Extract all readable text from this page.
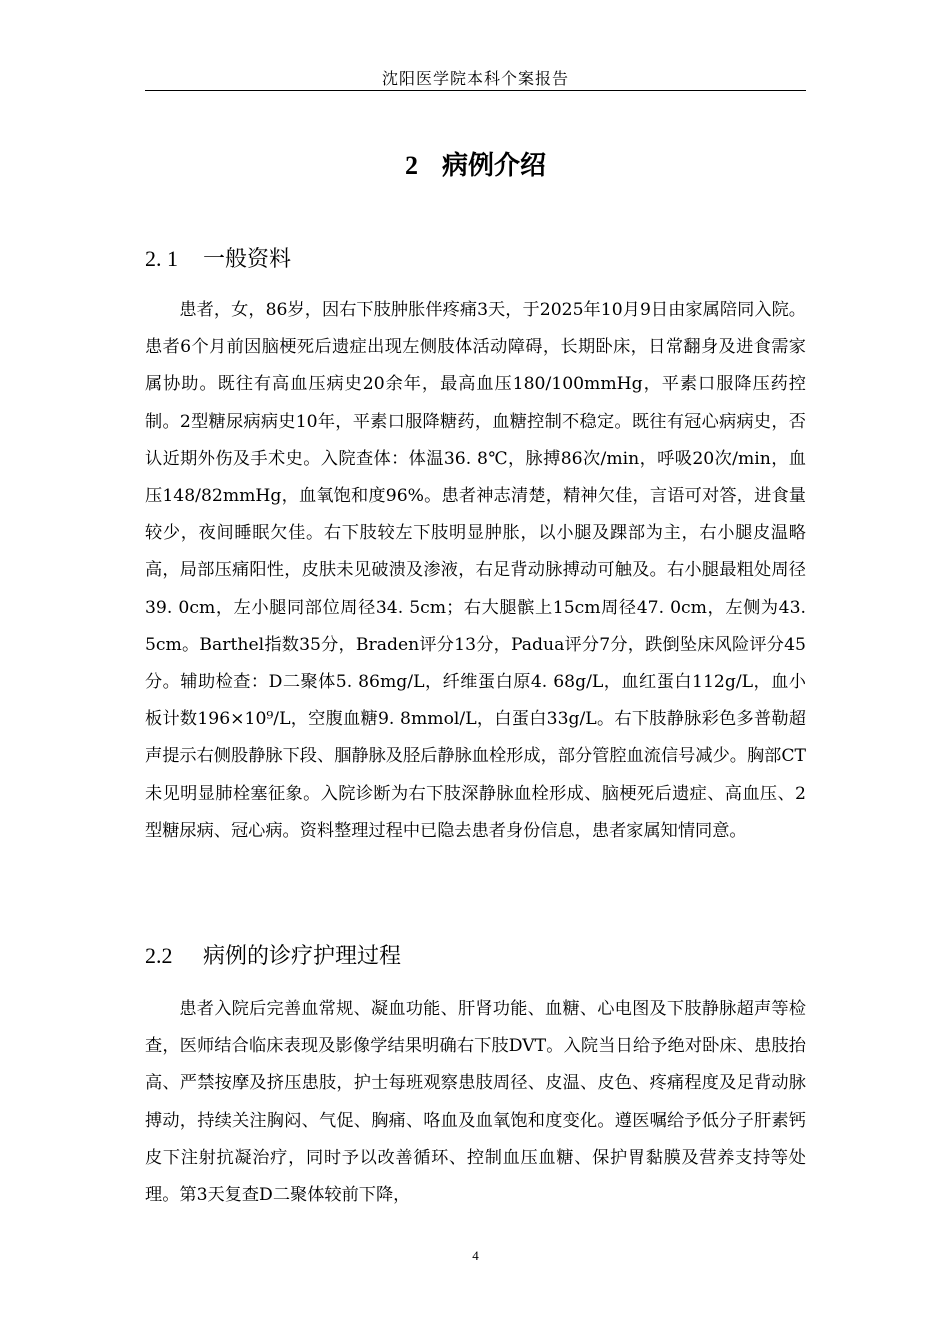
沈阳医学院本科个案报告
2 病例介绍
2. 1 一般资料

患者，女，86岁，因右下肢肿胀伴疼痛3天，于2025年10月9日由家属陪同入院。患者6个月前因脑梗死后遗症出现左侧肢体活动障碍，长期卧床，日常翻身及进食需家属协助。既往有高血压病史20余年，最高血压180/100mmHg，平素口服降压药控制。2型糖尿病病史10年，平素口服降糖药，血糖控制不稳定。既往有冠心病病史，否认近期外伤及手术史。入院查体：体温36. 8℃，脉搏86次/min，呼吸20次/min，血压148/82mmHg，血氧饱和度96%。患者神志清楚，精神欠佳，言语可对答，进食量较少，夜间睡眠欠佳。右下肢较左下肢明显肿胀，以小腿及踝部为主，右小腿皮温略高，局部压痛阳性，皮肤未见破溃及渗液，右足背动脉搏动可触及。右小腿最粗处周径39. 0cm，左小腿同部位周径34. 5cm；右大腿髌上15cm周径47. 0cm，左侧为43. 5cm。Barthel指数35分，Braden评分13分，Padua评分7分，跌倒坠床风险评分45分。辅助检查：D二聚体5. 86mg/L，纤维蛋白原4. 68g/L，血红蛋白112g/L，血小板计数196×10⁹/L，空腹血糖9. 8mmol/L，白蛋白33g/L。右下肢静脉彩色多普勒超声提示右侧股静脉下段、腘静脉及胫后静脉血栓形成，部分管腔血流信号减少。胸部CT未见明显肺栓塞征象。入院诊断为右下肢深静脉血栓形成、脑梗死后遗症、高血压、2型糖尿病、冠心病。资料整理过程中已隐去患者身份信息，患者家属知情同意。

2.2 病例的诊疗护理过程

患者入院后完善血常规、凝血功能、肝肾功能、血糖、心电图及下肢静脉超声等检查，医师结合临床表现及影像学结果明确右下肢DVT。入院当日给予绝对卧床、患肢抬高、严禁按摩及挤压患肢，护士每班观察患肢周径、皮温、皮色、疼痛程度及足背动脉搏动，持续关注胸闷、气促、胸痛、咯血及血氧饱和度变化。遵医嘱给予低分子肝素钙皮下注射抗凝治疗，同时予以改善循环、控制血压血糖、保护胃黏膜及营养支持等处理。第3天复查D二聚体较前下降，

4
